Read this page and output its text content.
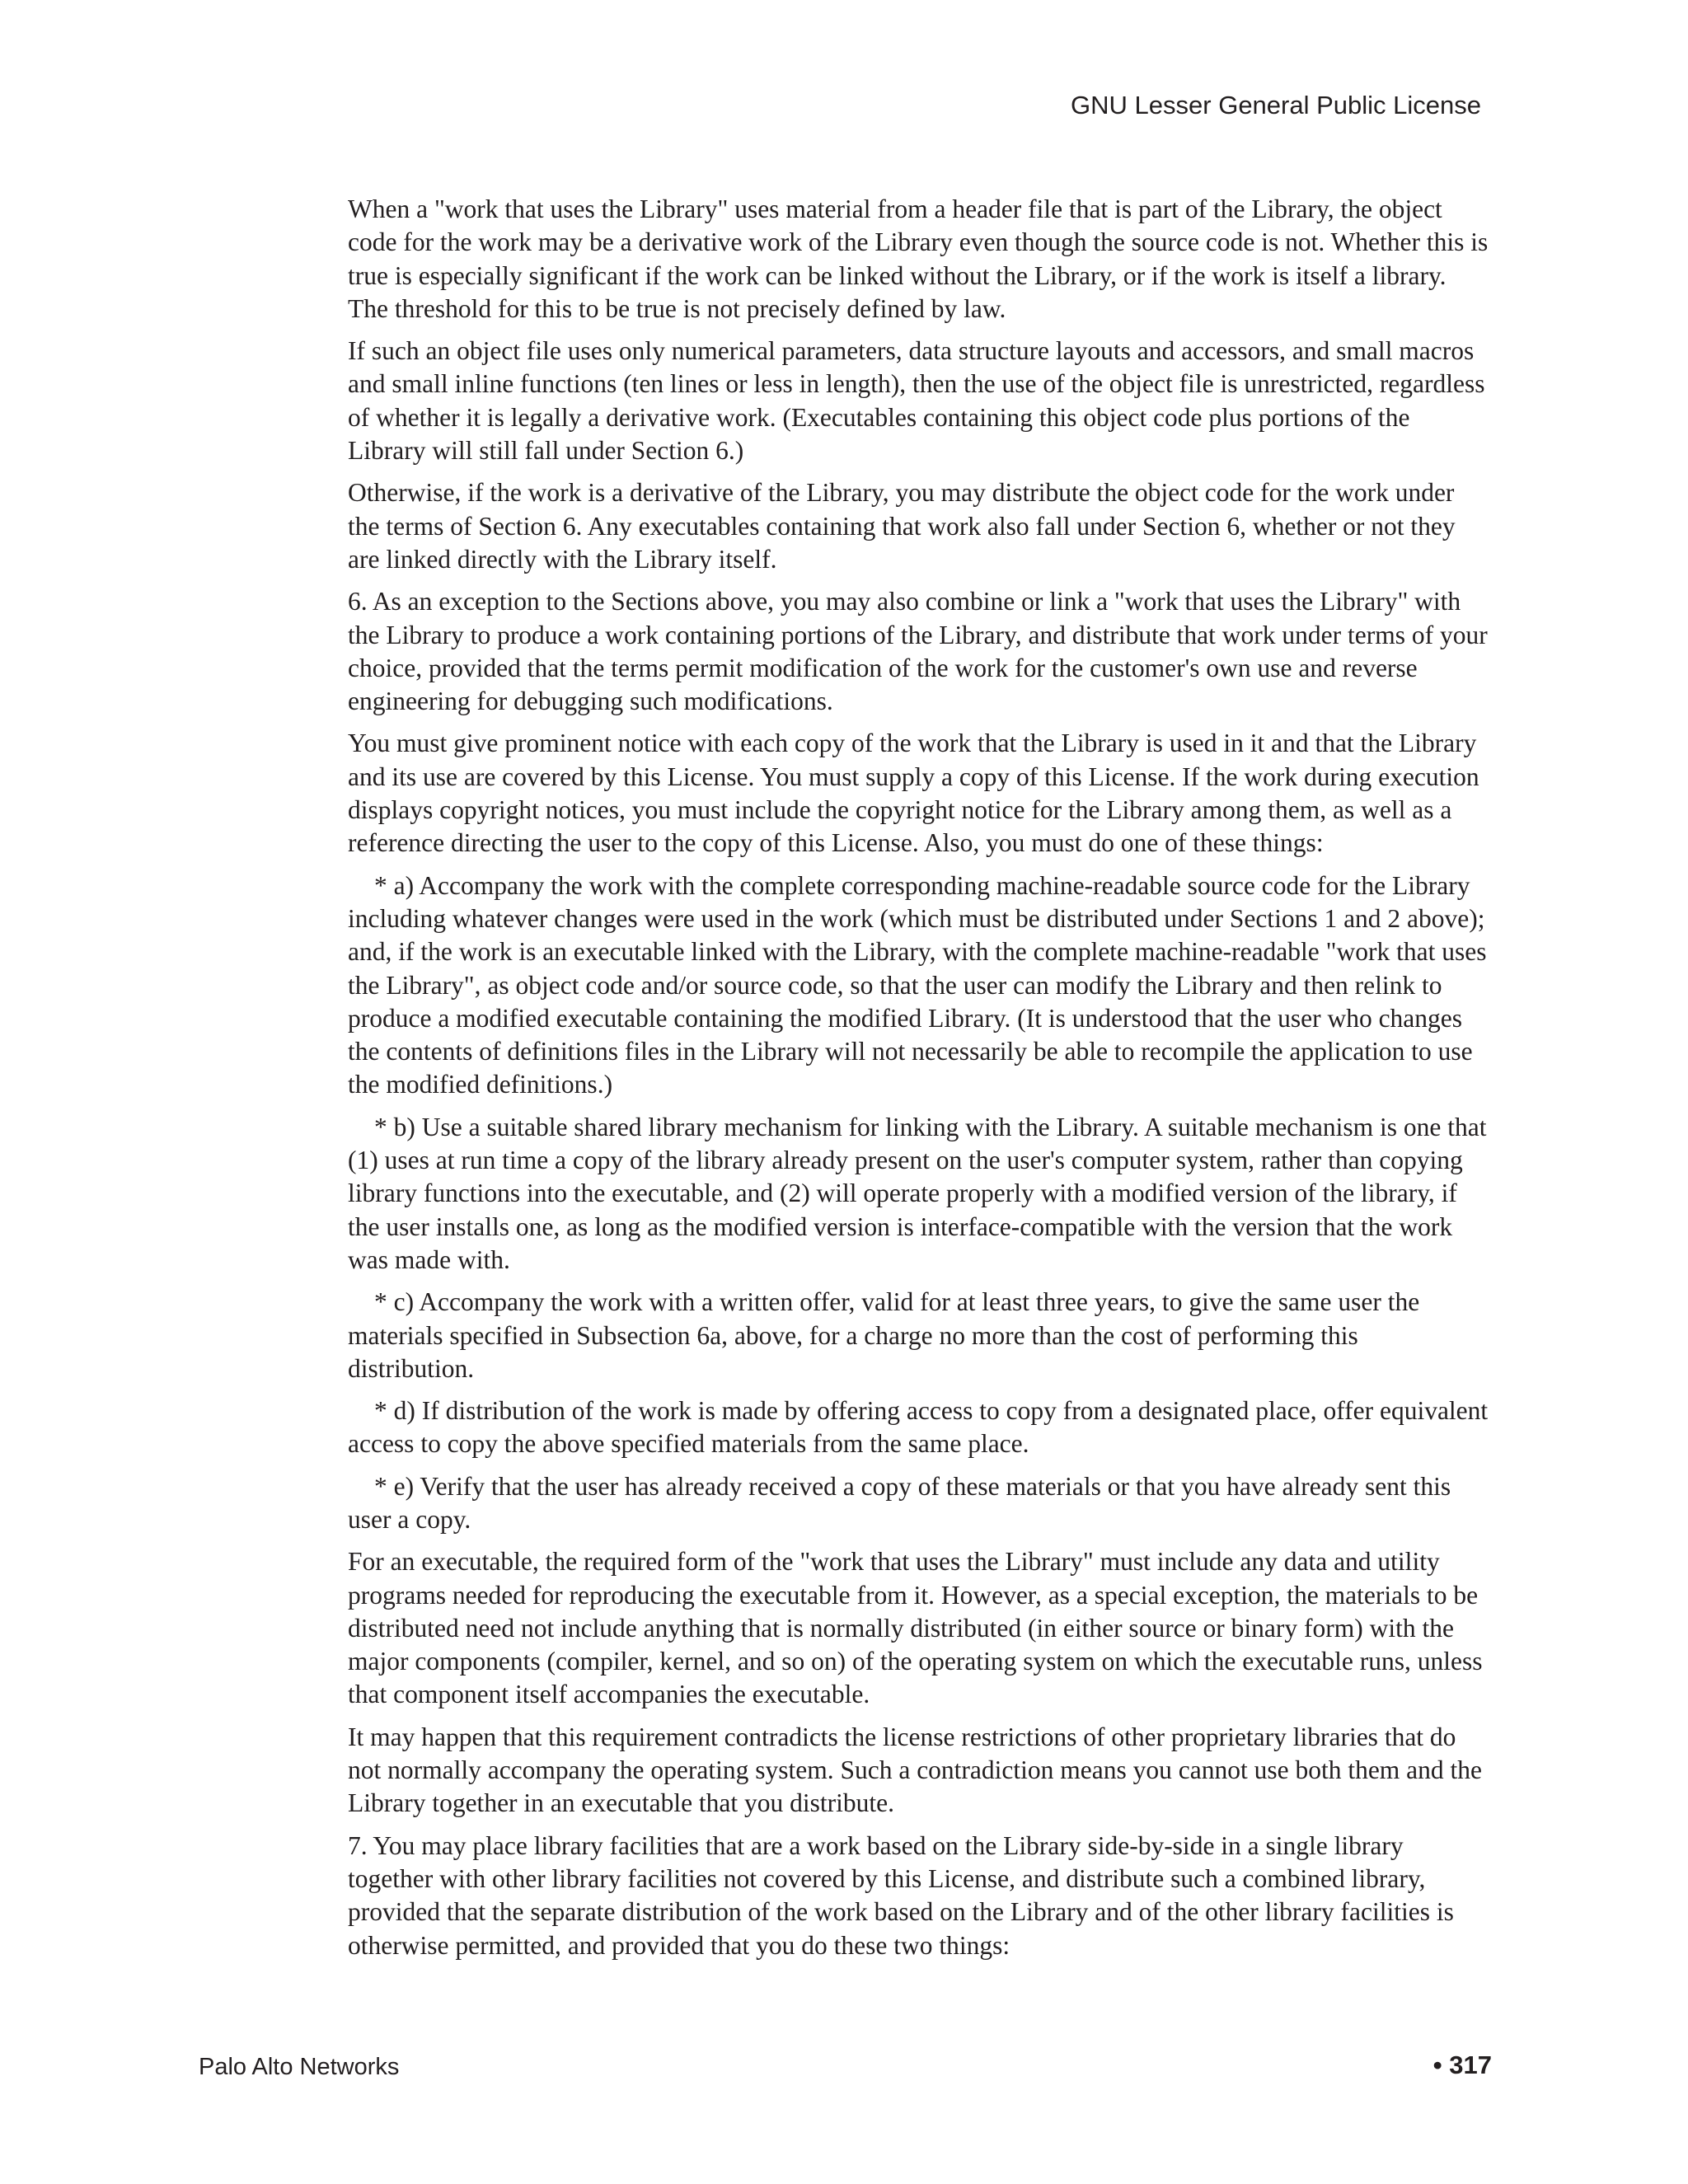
GNU Lesser General Public License

When a "work that uses the Library" uses material from a header file that is part of the Library, the object code for the work may be a derivative work of the Library even though the source code is not. Whether this is true is especially significant if the work can be linked without the Library, or if the work is itself a library. The threshold for this to be true is not precisely defined by law.

If such an object file uses only numerical parameters, data structure layouts and accessors, and small macros and small inline functions (ten lines or less in length), then the use of the object file is unrestricted, regardless of whether it is legally a derivative work. (Executables containing this object code plus portions of the Library will still fall under Section 6.)

Otherwise, if the work is a derivative of the Library, you may distribute the object code for the work under the terms of Section 6. Any executables containing that work also fall under Section 6, whether or not they are linked directly with the Library itself.

6. As an exception to the Sections above, you may also combine or link a "work that uses the Library" with the Library to produce a work containing portions of the Library, and distribute that work under terms of your choice, provided that the terms permit modification of the work for the customer's own use and reverse engineering for debugging such modifications.

You must give prominent notice with each copy of the work that the Library is used in it and that the Library and its use are covered by this License. You must supply a copy of this License. If the work during execution displays copyright notices, you must include the copyright notice for the Library among them, as well as a reference directing the user to the copy of this License. Also, you must do one of these things:

* a) Accompany the work with the complete corresponding machine-readable source code for the Library including whatever changes were used in the work (which must be distributed under Sections 1 and 2 above); and, if the work is an executable linked with the Library, with the complete machine-readable "work that uses the Library", as object code and/or source code, so that the user can modify the Library and then relink to produce a modified executable containing the modified Library. (It is understood that the user who changes the contents of definitions files in the Library will not necessarily be able to recompile the application to use the modified definitions.)

* b) Use a suitable shared library mechanism for linking with the Library. A suitable mechanism is one that (1) uses at run time a copy of the library already present on the user's computer system, rather than copying library functions into the executable, and (2) will operate properly with a modified version of the library, if the user installs one, as long as the modified version is interface-compatible with the version that the work was made with.

* c) Accompany the work with a written offer, valid for at least three years, to give the same user the materials specified in Subsection 6a, above, for a charge no more than the cost of performing this distribution.

* d) If distribution of the work is made by offering access to copy from a designated place, offer equivalent access to copy the above specified materials from the same place.

* e) Verify that the user has already received a copy of these materials or that you have already sent this user a copy.

For an executable, the required form of the "work that uses the Library" must include any data and utility programs needed for reproducing the executable from it. However, as a special exception, the materials to be distributed need not include anything that is normally distributed (in either source or binary form) with the major components (compiler, kernel, and so on) of the operating system on which the executable runs, unless that component itself accompanies the executable.

It may happen that this requirement contradicts the license restrictions of other proprietary libraries that do not normally accompany the operating system. Such a contradiction means you cannot use both them and the Library together in an executable that you distribute.

7. You may place library facilities that are a work based on the Library side-by-side in a single library together with other library facilities not covered by this License, and distribute such a combined library, provided that the separate distribution of the work based on the Library and of the other library facilities is otherwise permitted, and provided that you do these two things:

Palo Alto Networks	• 317
